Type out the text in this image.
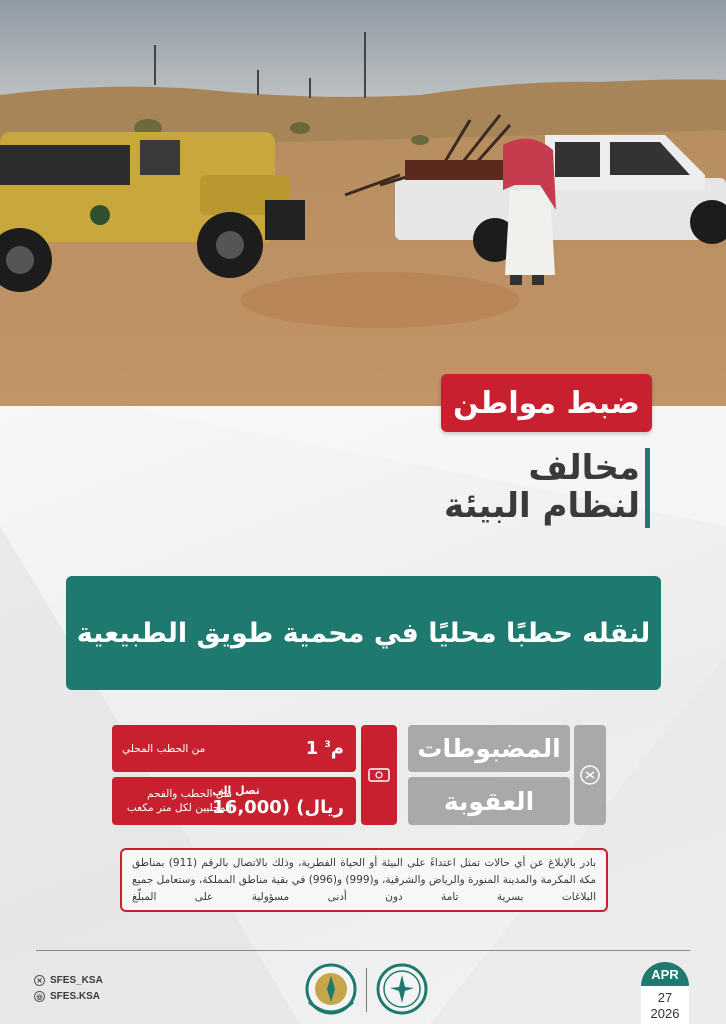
ضبط مواطن
مخالف
لنظام البيئة
لنقله حطبًا محليًا في محمية طويق الطبيعية
المضبوطات
العقوبة
1 م$^3$
من الحطب المحلي
تصل إلى
ريال) (16,000
نقل الحطب والفحم المحليين لكل متر مكعب
بادر بالإبلاغ عن أي حالات تمثل اعتداءً على البيئة أو الحياة الفطرية، وذلك بالاتصال بالرقم (911) بمناطق مكة المكرمة والمدينة المنورة والرياض والشرقية، و(999) و(996) في بقية مناطق المملكة، وستعامل جميع البلاغات بسرية تامة دون أدنى مسؤولية على المبلّغ
✕ SFES_KSA
◎ SFES.KSA
APR
27
2026
